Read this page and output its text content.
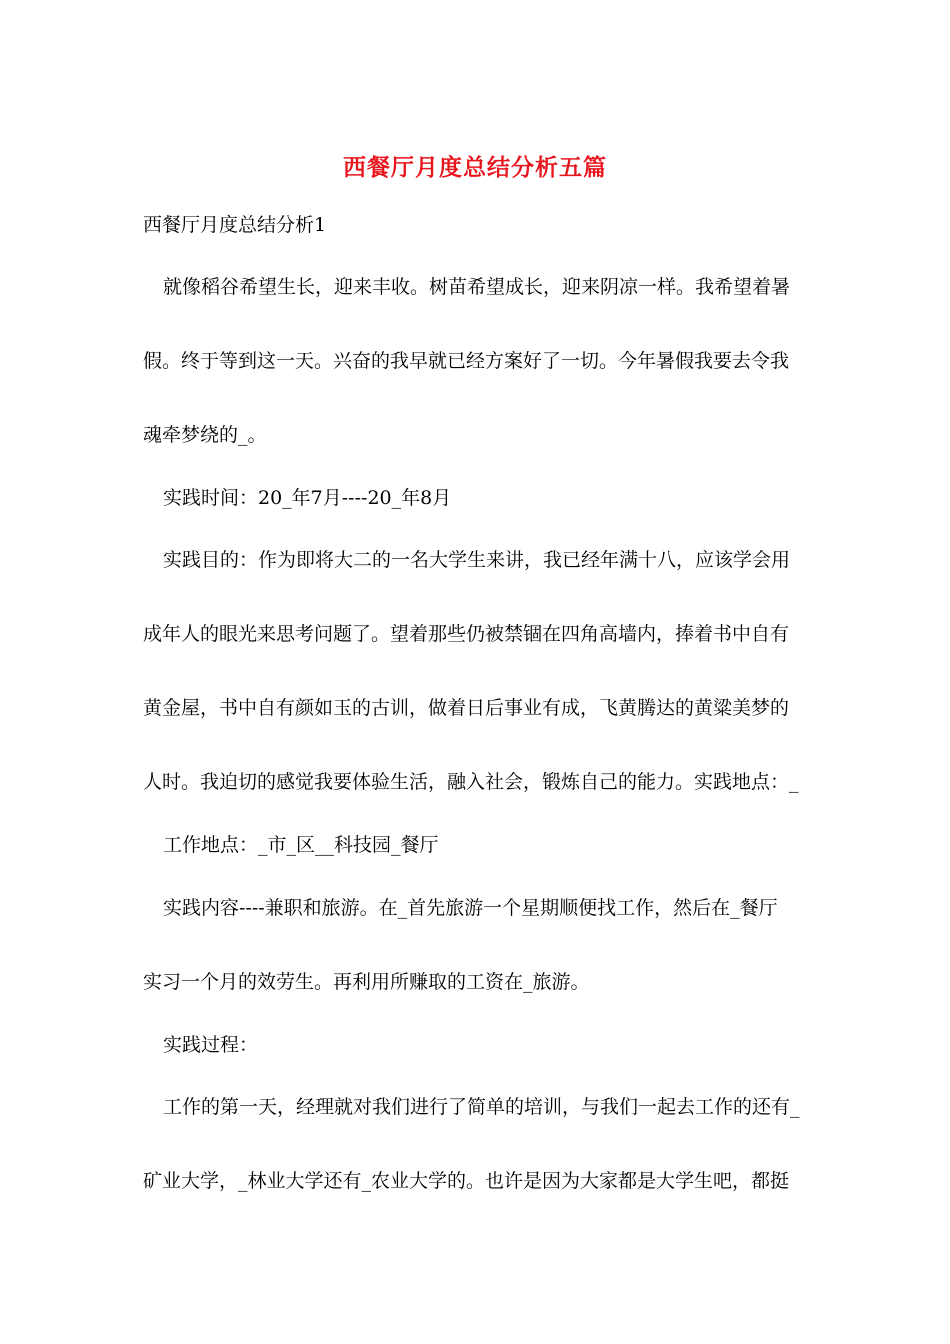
西餐厅月度总结分析五篇
西餐厅月度总结分析1
就像稻谷希望生长，迎来丰收。树苗希望成长，迎来阴凉一样。我希望着暑
假。终于等到这一天。兴奋的我早就已经方案好了一切。今年暑假我要去令我
魂牵梦绕的_。
实践时间：20_年7月----20_年8月
实践目的：作为即将大二的一名大学生来讲，我已经年满十八，应该学会用
成年人的眼光来思考问题了。望着那些仍被禁锢在四角高墙内，捧着书中自有
黄金屋，书中自有颜如玉的古训，做着日后事业有成，飞黄腾达的黄粱美梦的
人时。我迫切的感觉我要体验生活，融入社会，锻炼自己的能力。实践地点：_
工作地点：_市_区__科技园_餐厅
实践内容----兼职和旅游。在_首先旅游一个星期顺便找工作，然后在_餐厅
实习一个月的效劳生。再利用所赚取的工资在_旅游。
实践过程：
工作的第一天，经理就对我们进行了简单的培训，与我们一起去工作的还有_
矿业大学，_林业大学还有_农业大学的。也许是因为大家都是大学生吧，都挺
